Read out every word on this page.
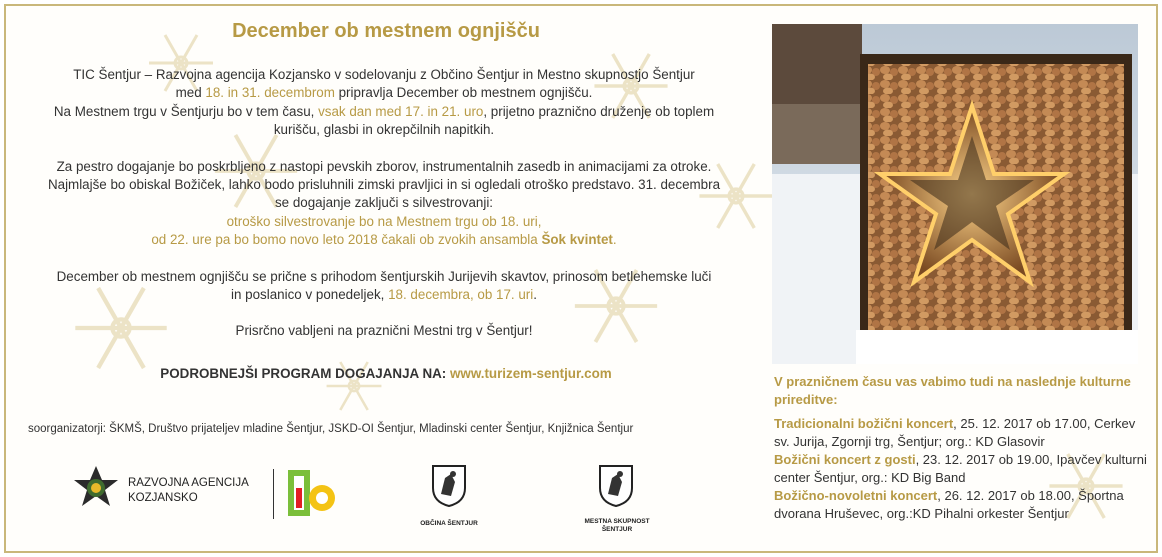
December ob mestnem ognjišču

TIC Šentjur – Razvojna agencija Kozjansko v sodelovanju z Občino Šentjur in Mestno skupnostjo Šentjur
med 18. in 31. decembrom pripravlja December ob mestnem ognjišču.
Na Mestnem trgu v Šentjurju bo v tem času, vsak dan med 17. in 21. uro, prijetno praznično druženje ob toplem
kurišču, glasbi in okrepčilnih napitkih.

Za pestro dogajanje bo poskrbljeno z nastopi pevskih zborov, instrumentalnih zasedb in animacijami za otroke.
Najmlajše bo obiskal Božiček, lahko bodo prisluhnili zimski pravljici in si ogledali otroško predstavo. 31. decembra
se dogajanje zaključi s silvestrovanji:
otroško silvestrovanje bo na Mestnem trgu ob 18. uri,
od 22. ure pa bo bomo novo leto 2018 čakali ob zvokih ansambla Šok kvintet.

December ob mestnem ognjišču se prične s prihodom šentjurskih Jurijevih skavtov, prinosom betlehemske luči
in poslanico v ponedeljek, 18. decembra, ob 17. uri.

Prisrčno vabljeni na praznični Mestni trg v Šentjur!

PODROBNEJŠI PROGRAM DOGAJANJA NA: www.turizem-sentjur.com
soorganizatorji: ŠKMŠ, Društvo prijateljev mladine Šentjur, JSKD-OI Šentjur, Mladinski center Šentjur, Knjižnica Šentjur
RAZVOJNA AGENCIJA
KOZJANSKO
OBČINA ŠENTJUR	MESTNA SKUPNOST
ŠENTJUR
V prazničnem času vas vabimo tudi na naslednje kulturne prireditve:
Tradicionalni božični koncert, 25. 12. 2017 ob 17.00, Cerkev sv. Jurija, Zgornji trg, Šentjur; org.: KD Glasovir
Božični koncert z gosti, 23. 12. 2017 ob 19.00, Ipavčev kulturni center Šentjur, org.: KD Big Band
Božično-novoletni koncert, 26. 12. 2017 ob 18.00, Športna dvorana Hruševec, org.:KD Pihalni orkester Šentjur
